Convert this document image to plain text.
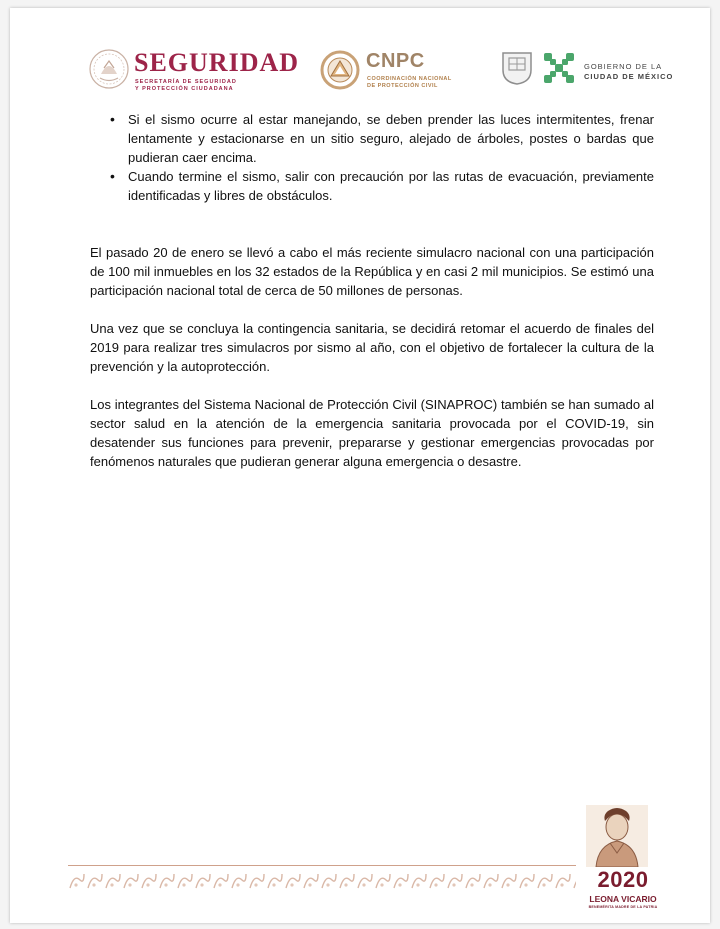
SEGURIDAD
SECRETARÍA DE SEGURIDAD
Y PROTECCIÓN CIUDADANA
CNPC
COORDINACIÓN NACIONAL
DE PROTECCIÓN CIVIL
GOBIERNO DE LA
CIUDAD DE MÉXICO
• Si el sismo ocurre al estar manejando, se deben prender las luces intermitentes, frenar lentamente y estacionarse en un sitio seguro, alejado de árboles, postes o bardas que pudieran caer encima.
• Cuando termine el sismo, salir con precaución por las rutas de evacuación, previamente identificadas y libres de obstáculos.

El pasado 20 de enero se llevó a cabo el más reciente simulacro nacional con una participación de 100 mil inmuebles en los 32 estados de la República y en casi 2 mil municipios. Se estimó una participación nacional total de cerca de 50 millones de personas.

Una vez que se concluya la contingencia sanitaria, se decidirá retomar el acuerdo de finales del 2019 para realizar tres simulacros por sismo al año, con el objetivo de fortalecer la cultura de la prevención y la autoprotección.

Los integrantes del Sistema Nacional de Protección Civil (SINAPROC) también se han sumado al sector salud en la atención de la emergencia sanitaria provocada por el COVID-19, sin desatender sus funciones para prevenir, prepararse y gestionar emergencias provocadas por fenómenos naturales que pudieran generar alguna emergencia o desastre.

2020
LEONA VICARIO
BENEMÉRITA MADRE DE LA PATRIA
